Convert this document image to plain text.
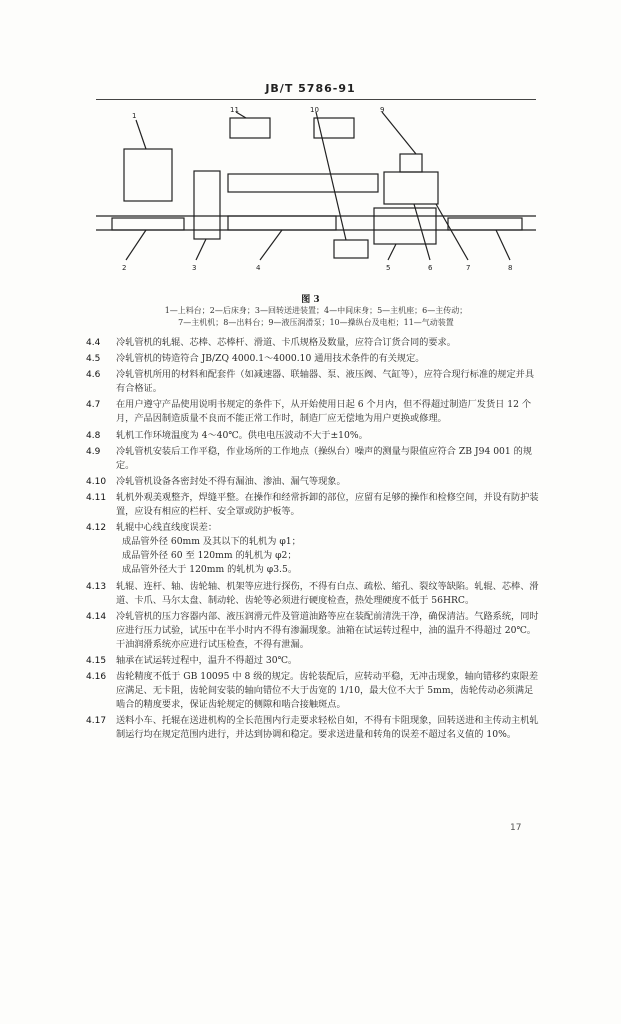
JB/T 5786-91
1
2	3	4	5	6	7	8
9
10
11
图 3
1—上料台；2—后床身；3—回转送进装置；4—中间床身；5—主机座；6—主传动；
7—主机机；8—出料台；9—液压润滑泵；10—操纵台及电柜；11—气动装置
4.4	冷轧管机的轧辊、芯棒、芯棒杆、滑道、卡爪规格及数量，应符合订货合同的要求。
4.5	冷轧管机的铸造符合 JB/ZQ 4000.1～4000.10 通用技术条件的有关规定。
4.6	冷轧管机所用的材料和配套件（如减速器、联轴器、泵、液压阀、气缸等），应符合现行标准的规定并具有合格证。
4.7	在用户遵守产品使用说明书规定的条件下，从开始使用日起 6 个月内，但不得超过制造厂发货日 12 个月，产品因制造质量不良而不能正常工作时，制造厂应无偿地为用户更换或修理。
4.8	轧机工作环境温度为 4～40℃。供电电压波动不大于±10%。
4.9	冷轧管机安装后工作平稳，作业场所的工作地点（操纵台）噪声的测量与限值应符合 ZB J94 001 的规定。
4.10	冷轧管机设备各密封处不得有漏油、渗油、漏气等现象。
4.11	轧机外观美观整齐，焊缝平整。在操作和经常拆卸的部位，应留有足够的操作和检修空间，并设有防护装置，应设有相应的栏杆、安全罩或防护板等。
4.12	轧辊中心线直线度误差：
成品管外径 60mm 及其以下的轧机为 φ1；
成品管外径 60 至 120mm 的轧机为 φ2；
成品管外径大于 120mm 的轧机为 φ3.5。
4.13	轧辊、连杆、轴、齿轮轴、机架等应进行探伤，不得有白点、疏松、缩孔、裂纹等缺陷。轧辊、芯棒、滑道、卡爪、马尔太盘、制动轮、齿轮等必须进行硬度检查，热处理硬度不低于 56HRC。
4.14	冷轧管机的压力容器内部、液压润滑元件及管道油路等应在装配前清洗干净，确保清洁。气路系统，同时应进行压力试验，试压中在半小时内不得有渗漏现象。油箱在试运转过程中，油的温升不得超过 20℃。干油润滑系统亦应进行试压检查，不得有泄漏。
4.15	轴承在试运转过程中，温升不得超过 30℃。
4.16	齿轮精度不低于 GB 10095 中 8 级的规定。齿轮装配后，应转动平稳，无冲击现象，轴向错移约束限差应满足、无卡阻，齿轮间安装的轴向错位不大于齿宽的 1/10，最大位不大于 5mm，齿轮传动必须满足啮合的精度要求，保证齿轮规定的侧隙和啮合接触斑点。
4.17	送料小车、托辊在送进机构的全长范围内行走要求轻松自如，不得有卡阻现象，回转送进和主传动主机轧制运行均在规定范围内进行，并达到协调和稳定。要求送进量和转角的误差不超过名义值的 10%。
17
